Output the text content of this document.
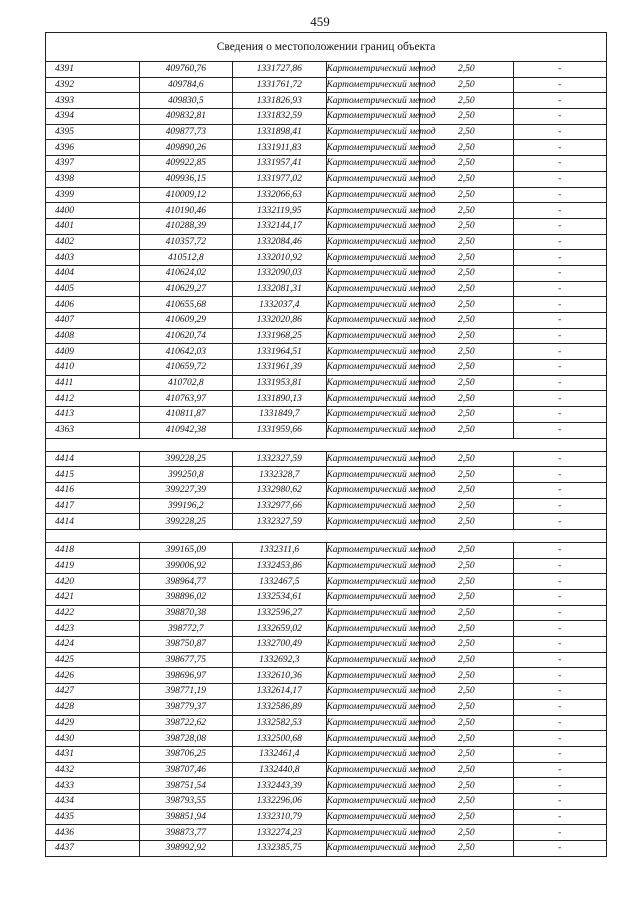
459
Сведения о местоположении границ объекта					
4391	409760,76	1331727,86	Картометрический метод	2,50	-
4392	409784,6	1331761,72	Картометрический метод	2,50	-
4393	409830,5	1331826,93	Картометрический метод	2,50	-
4394	409832,81	1331832,59	Картометрический метод	2,50	-
4395	409877,73	1331898,41	Картометрический метод	2,50	-
4396	409890,26	1331911,83	Картометрический метод	2,50	-
4397	409922,85	1331957,41	Картометрический метод	2,50	-
4398	409936,15	1331977,02	Картометрический метод	2,50	-
4399	410009,12	1332066,63	Картометрический метод	2,50	-
4400	410190,46	1332119,95	Картометрический метод	2,50	-
4401	410288,39	1332144,17	Картометрический метод	2,50	-
4402	410357,72	1332084,46	Картометрический метод	2,50	-
4403	410512,8	1332010,92	Картометрический метод	2,50	-
4404	410624,02	1332090,03	Картометрический метод	2,50	-
4405	410629,27	1332081,31	Картометрический метод	2,50	-
4406	410655,68	1332037,4	Картометрический метод	2,50	-
4407	410609,29	1332020,86	Картометрический метод	2,50	-
4408	410620,74	1331968,25	Картометрический метод	2,50	-
4409	410642,03	1331964,51	Картометрический метод	2,50	-
4410	410659,72	1331961,39	Картометрический метод	2,50	-
4411	410702,8	1331953,81	Картометрический метод	2,50	-
4412	410763,97	1331890,13	Картометрический метод	2,50	-
4413	410811,87	1331849,7	Картометрический метод	2,50	-
4363	410942,38	1331959,66	Картометрический метод	2,50	-

4414	399228,25	1332327,59	Картометрический метод	2,50	-
4415	399250,8	1332328,7	Картометрический метод	2,50	-
4416	399227,39	1332980,62	Картометрический метод	2,50	-
4417	399196,2	1332977,66	Картометрический метод	2,50	-
4414	399228,25	1332327,59	Картометрический метод	2,50	-

4418	399165,09	1332311,6	Картометрический метод	2,50	-
4419	399006,92	1332453,86	Картометрический метод	2,50	-
4420	398964,77	1332467,5	Картометрический метод	2,50	-
4421	398896,02	1332534,61	Картометрический метод	2,50	-
4422	398870,38	1332596,27	Картометрический метод	2,50	-
4423	398772,7	1332659,02	Картометрический метод	2,50	-
4424	398750,87	1332700,49	Картометрический метод	2,50	-
4425	398677,75	1332692,3	Картометрический метод	2,50	-
4426	398696,97	1332610,36	Картометрический метод	2,50	-
4427	398771,19	1332614,17	Картометрический метод	2,50	-
4428	398779,37	1332586,89	Картометрический метод	2,50	-
4429	398722,62	1332582,53	Картометрический метод	2,50	-
4430	398728,08	1332500,68	Картометрический метод	2,50	-
4431	398706,25	1332461,4	Картометрический метод	2,50	-
4432	398707,46	1332440,8	Картометрический метод	2,50	-
4433	398751,54	1332443,39	Картометрический метод	2,50	-
4434	398793,55	1332296,06	Картометрический метод	2,50	-
4435	398851,94	1332310,79	Картометрический метод	2,50	-
4436	398873,77	1332274,23	Картометрический метод	2,50	-
4437	398992,92	1332385,75	Картометрический метод	2,50	-
